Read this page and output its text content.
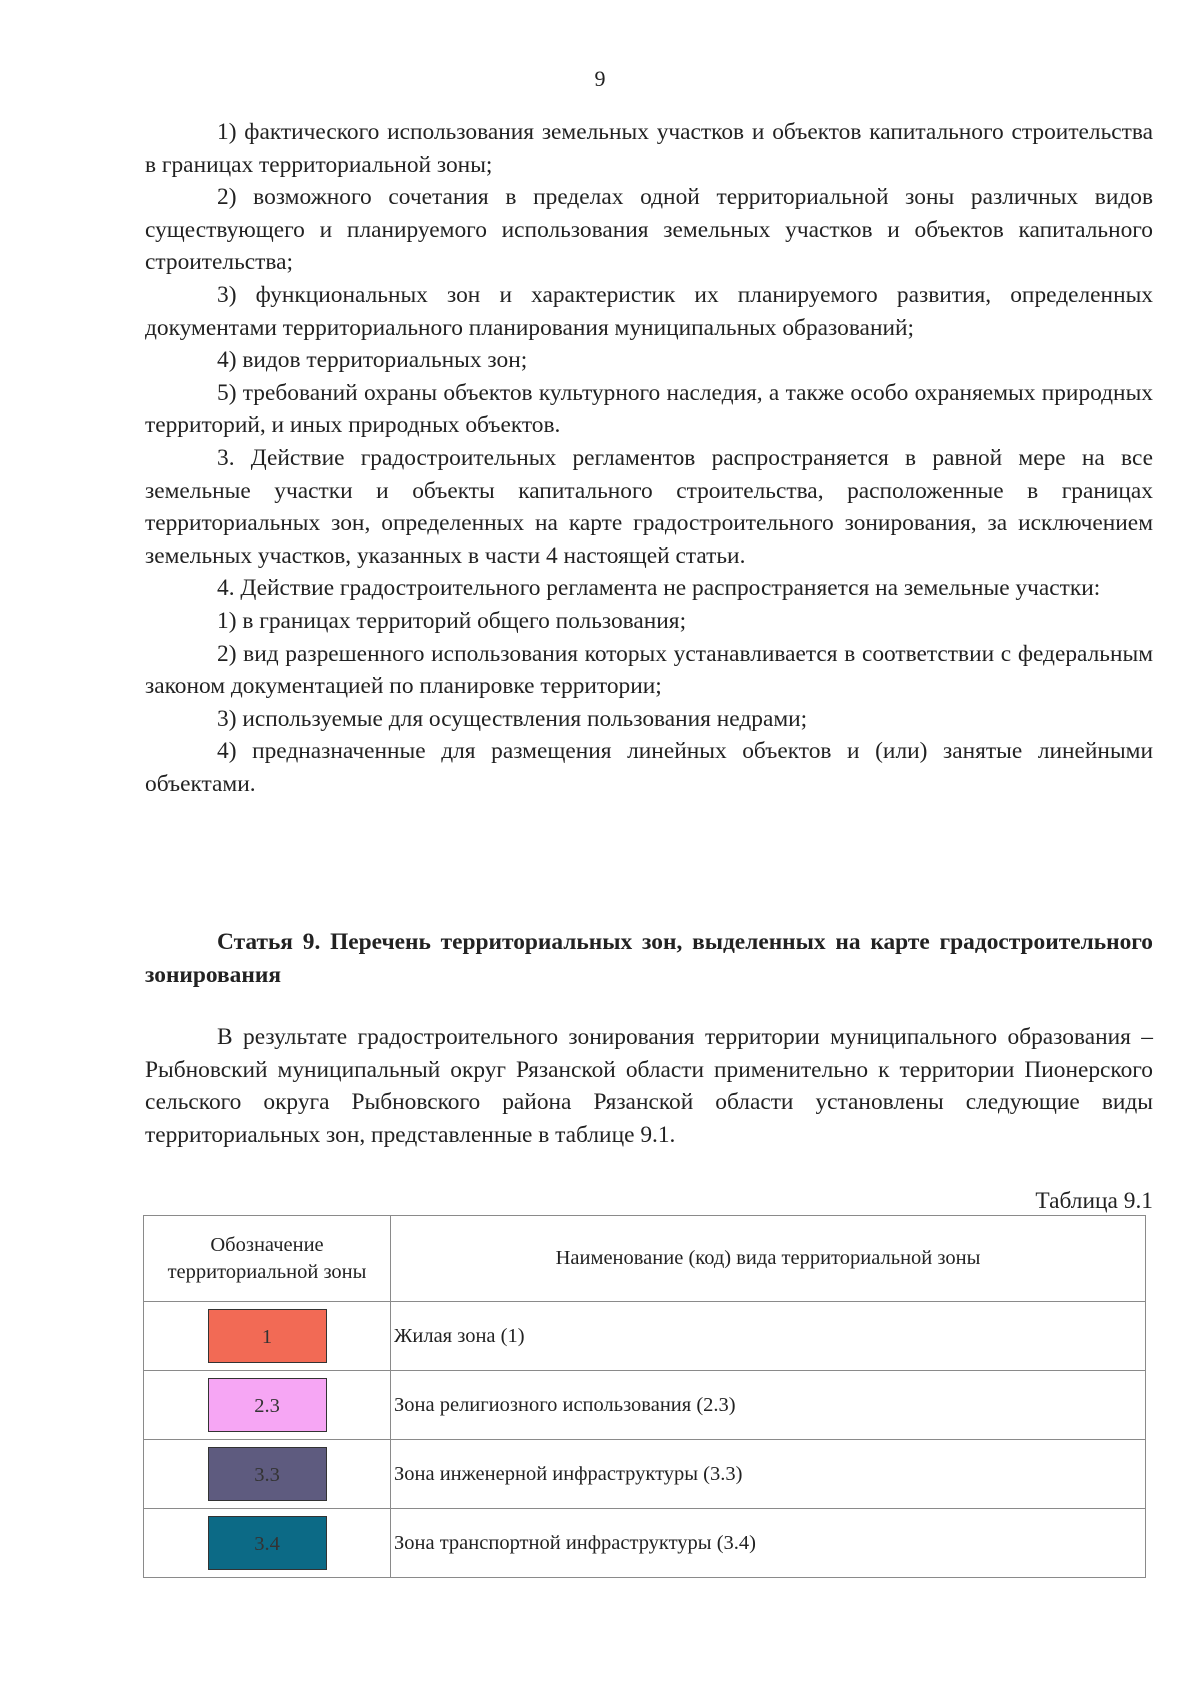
9

1) фактического использования земельных участков и объектов капитального строительства в границах территориальной зоны;

2) возможного сочетания в пределах одной территориальной зоны различных видов существующего и планируемого использования земельных участков и объектов капитального строительства;

3) функциональных зон и характеристик их планируемого развития, определенных документами территориального планирования муниципальных образований;

4) видов территориальных зон;

5) требований охраны объектов культурного наследия, а также особо охраняемых природных территорий, и иных природных объектов.

3. Действие градостроительных регламентов распространяется в равной мере на все земельные участки и объекты капитального строительства, расположенные в границах территориальных зон, определенных на карте градостроительного зонирования, за исключением земельных участков, указанных в части 4 настоящей статьи.

4. Действие градостроительного регламента не распространяется на земельные участки:

1) в границах территорий общего пользования;

2) вид разрешенного использования которых устанавливается в соответствии с федеральным законом документацией по планировке территории;

3) используемые для осуществления пользования недрами;

4) предназначенные для размещения линейных объектов и (или) занятые линейными объектами.

Статья 9. Перечень территориальных зон, выделенных на карте градостроительного зонирования

В результате градостроительного зонирования территории муниципального образования – Рыбновский муниципальный округ Рязанской области применительно к территории Пионерского сельского округа Рыбновского района Рязанской области установлены следующие виды территориальных зон, представленные в таблице 9.1.

Таблица 9.1
Обозначение территориальной зоны	Наименование (код) вида территориальной зоны
1	Жилая зона (1)
2.3	Зона религиозного использования (2.3)
3.3	Зона инженерной инфраструктуры (3.3)
3.4	Зона транспортной инфраструктуры (3.4)
